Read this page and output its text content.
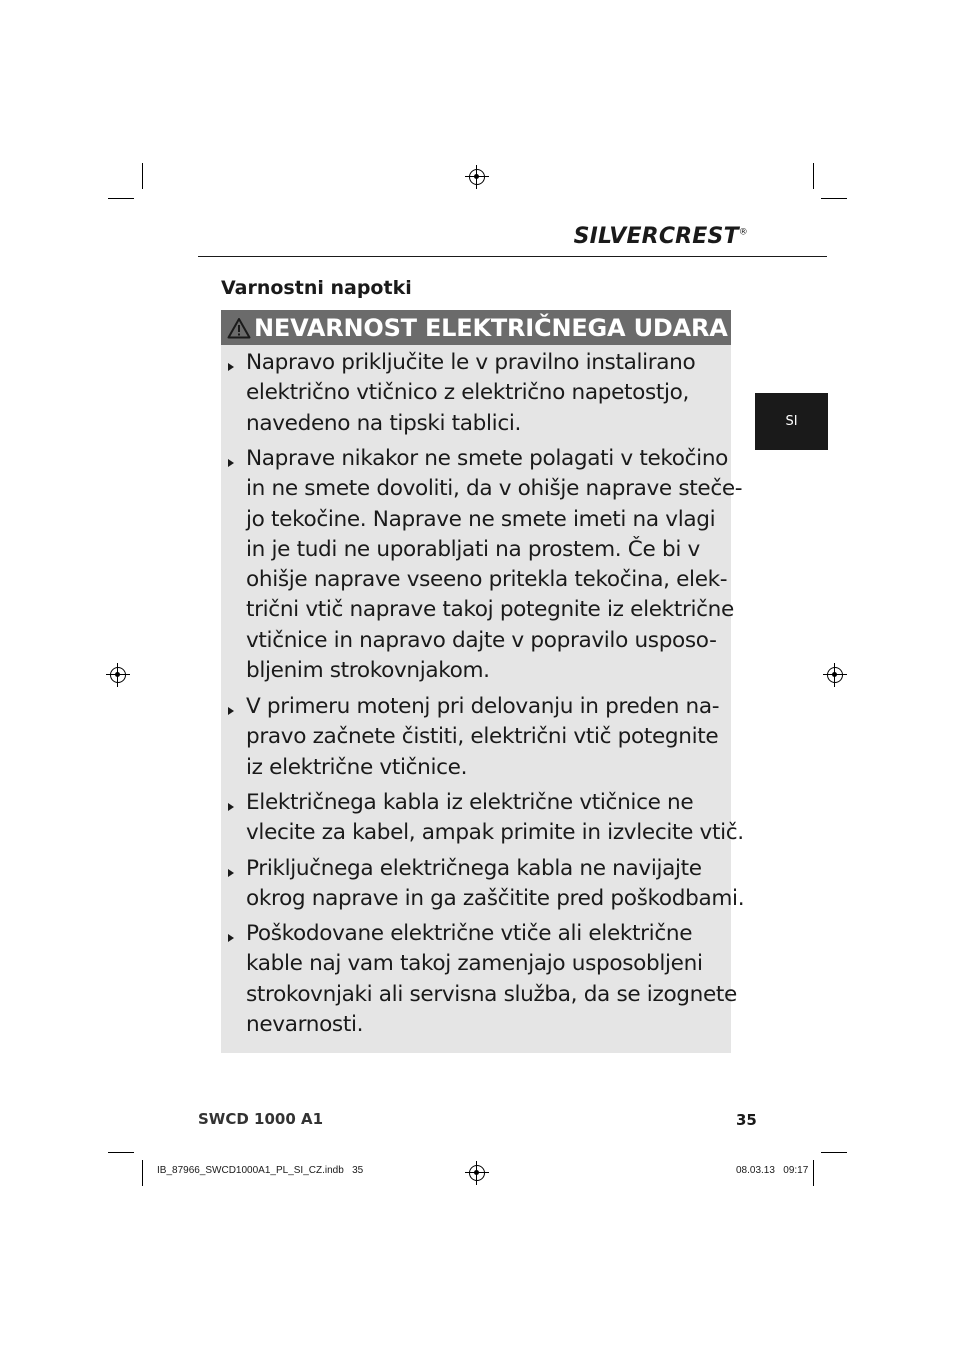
SILVERCREST®
Varnostni napotki
SI
NEVARNOST ELEKTRIČNEGA UDARA
Napravo priključite le v pravilno instalirano
električno vtičnico z električno napetostjo,
navedeno na tipski tablici.
Naprave nikakor ne smete polagati v tekočino
in ne smete dovoliti, da v ohišje naprave steče-
jo tekočine. Naprave ne smete imeti na vlagi
in je tudi ne uporabljati na prostem. Če bi v
ohišje naprave vseeno pritekla tekočina, elek-
trični vtič naprave takoj potegnite iz električne
vtičnice in napravo dajte v popravilo usposo-
bljenim strokovnjakom.
V primeru motenj pri delovanju in preden na-
pravo začnete čistiti, električni vtič potegnite
iz električne vtičnice.
Električnega kabla iz električne vtičnice ne
vlecite za kabel, ampak primite in izvlecite vtič.
Priključnega električnega kabla ne navijajte
okrog naprave in ga zaščitite pred poškodbami.
Poškodovane električne vtiče ali električne
kable naj vam takoj zamenjajo usposobljeni
strokovnjaki ali servisna služba, da se izognete
nevarnosti.
SWCD 1000 A1	35
IB_87966_SWCD1000A1_PL_SI_CZ.indb   35	08.03.13   09:17
